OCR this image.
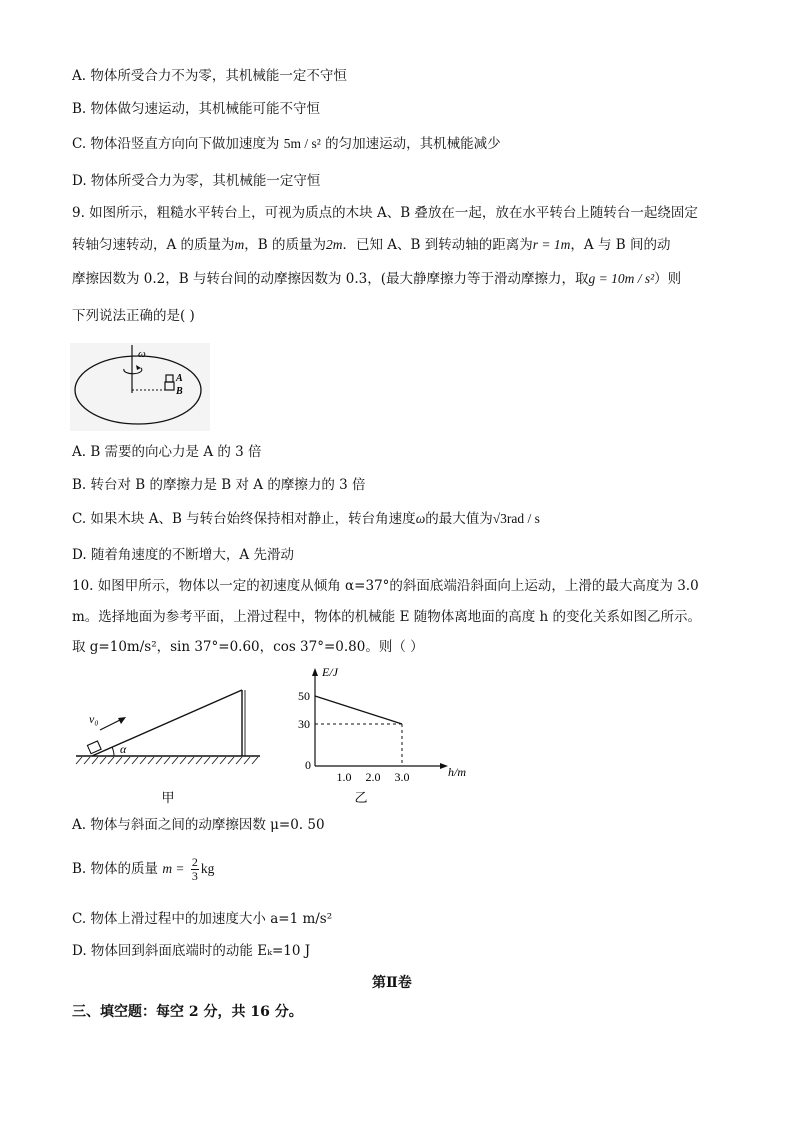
A. 物体所受合力不为零，其机械能一定不守恒
B. 物体做匀速运动，其机械能可能不守恒
C. 物体沿竖直方向向下做加速度为 5m / s² 的匀加速运动，其机械能减少
D. 物体所受合力为零，其机械能一定守恒
9. 如图所示，粗糙水平转台上，可视为质点的木块 A、B 叠放在一起，放在水平转台上随转台一起绕固定
转轴匀速转动，A 的质量为m，B 的质量为2m．已知 A、B 到转动轴的距离为r = 1m，A 与 B 间的动
摩擦因数为 0.2，B 与转台间的动摩擦因数为 0.3，(最大静摩擦力等于滑动摩擦力，取g = 10m / s²）则
下列说法正确的是( )
ω
A
B
A. B 需要的向心力是 A 的 3 倍
B. 转台对 B 的摩擦力是 B 对 A 的摩擦力的 3 倍
C. 如果木块 A、B 与转台始终保持相对静止，转台角速度ω的最大值为√3rad / s
D. 随着角速度的不断增大，A 先滑动
10. 如图甲所示，物体以一定的初速度从倾角 α=37°的斜面底端沿斜面向上运动，上滑的最大高度为 3.0
m。选择地面为参考平面，上滑过程中，物体的机械能 E 随物体离地面的高度 h 的变化关系如图乙所示。
取 g=10m/s²，sin 37°=0.60，cos 37°=0.80。则（ ）
v₀
α
甲
E/J
h/m
0
30
50
1.0 2.0 3.0
乙
A. 物体与斜面之间的动摩擦因数 μ=0. 50
B. 物体的质量 $m = \frac{2}{3}$ kg
C. 物体上滑过程中的加速度大小 a=1 m/s²
D. 物体回到斜面底端时的动能 Eₖ=10 J
第Ⅱ卷
三、填空题：每空 2 分，共 16 分。
